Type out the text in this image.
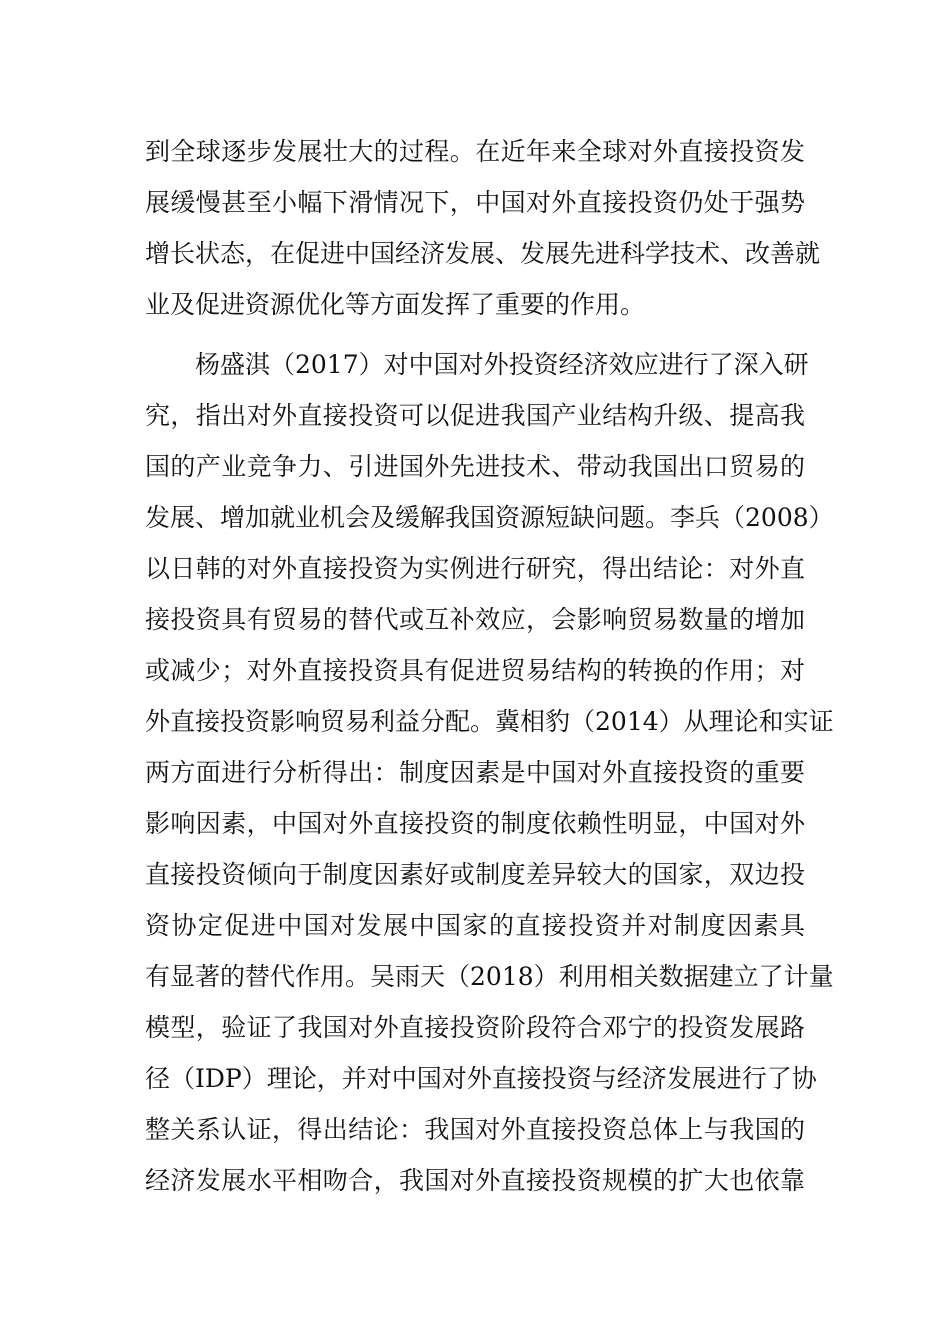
到全球逐步发展壮大的过程。在近年来全球对外直接投资发
展缓慢甚至小幅下滑情况下，中国对外直接投资仍处于强势
增长状态，在促进中国经济发展、发展先进科学技术、改善就
业及促进资源优化等方面发挥了重要的作用。
杨盛淇（2017）对中国对外投资经济效应进行了深入研
究，指出对外直接投资可以促进我国产业结构升级、提高我
国的产业竞争力、引进国外先进技术、带动我国出口贸易的
发展、增加就业机会及缓解我国资源短缺问题。李兵（2008）
以日韩的对外直接投资为实例进行研究，得出结论：对外直
接投资具有贸易的替代或互补效应，会影响贸易数量的增加
或减少；对外直接投资具有促进贸易结构的转换的作用；对
外直接投资影响贸易利益分配。冀相豹（2014）从理论和实证
两方面进行分析得出：制度因素是中国对外直接投资的重要
影响因素，中国对外直接投资的制度依赖性明显，中国对外
直接投资倾向于制度因素好或制度差异较大的国家，双边投
资协定促进中国对发展中国家的直接投资并对制度因素具
有显著的替代作用。吴雨天（2018）利用相关数据建立了计量
模型，验证了我国对外直接投资阶段符合邓宁的投资发展路
径（IDP）理论，并对中国对外直接投资与经济发展进行了协
整关系认证，得出结论：我国对外直接投资总体上与我国的
经济发展水平相吻合，我国对外直接投资规模的扩大也依靠
